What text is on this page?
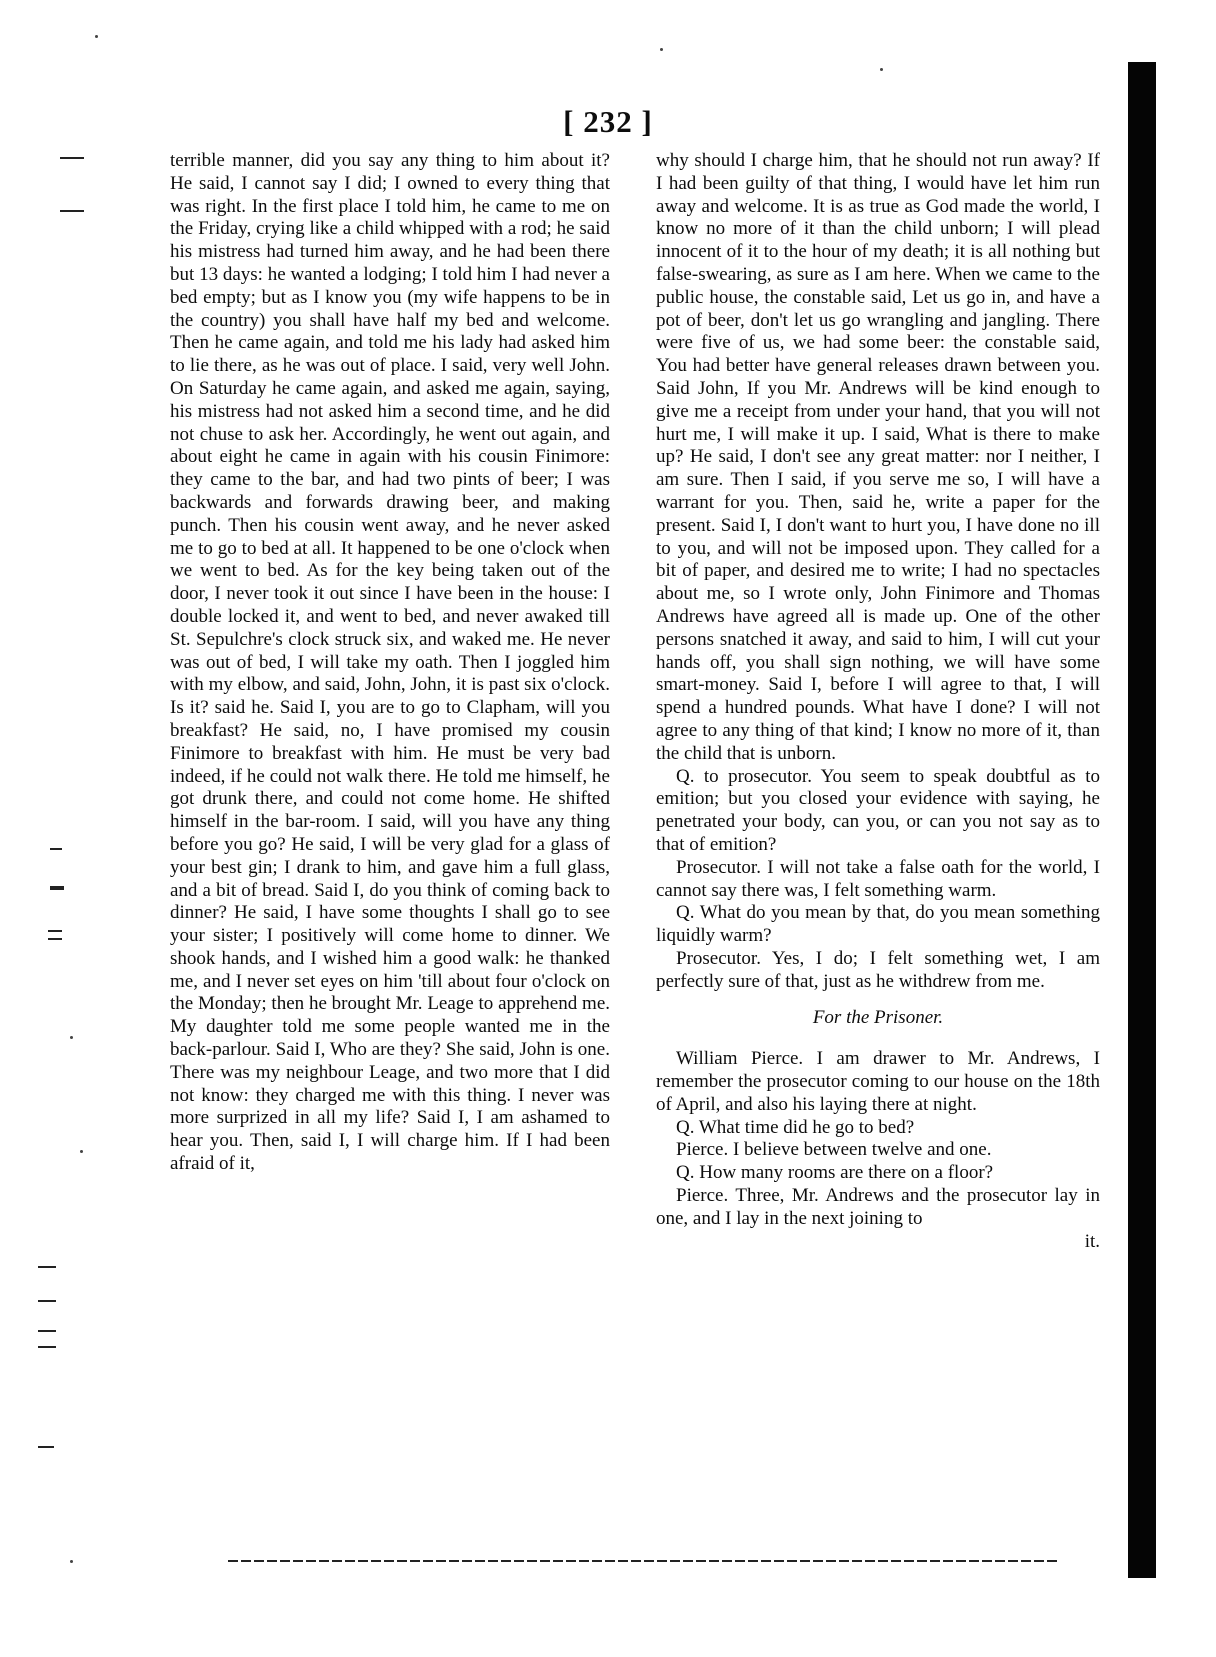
[ 232 ]

terrible manner, did you say any thing to him about it? He said, I cannot say I did; I owned to every thing that was right. In the first place I told him, he came to me on the Friday, crying like a child whipped with a rod; he said his mistress had turned him away, and he had been there but 13 days: he wanted a lodging; I told him I had never a bed empty; but as I know you (my wife happens to be in the country) you shall have half my bed and welcome. Then he came again, and told me his lady had asked him to lie there, as he was out of place. I said, very well John. On Saturday he came again, and asked me again, saying, his mistress had not asked him a second time, and he did not chuse to ask her. Accordingly, he went out again, and about eight he came in again with his cousin Finimore: they came to the bar, and had two pints of beer; I was backwards and forwards drawing beer, and making punch. Then his cousin went away, and he never asked me to go to bed at all. It happened to be one o'clock when we went to bed. As for the key being taken out of the door, I never took it out since I have been in the house: I double locked it, and went to bed, and never awaked till St. Sepulchre's clock struck six, and waked me. He never was out of bed, I will take my oath. Then I joggled him with my elbow, and said, John, John, it is past six o'clock. Is it? said he. Said I, you are to go to Clapham, will you breakfast? He said, no, I have promised my cousin Finimore to breakfast with him. He must be very bad indeed, if he could not walk there. He told me himself, he got drunk there, and could not come home. He shifted himself in the bar-room. I said, will you have any thing before you go? He said, I will be very glad for a glass of your best gin; I drank to him, and gave him a full glass, and a bit of bread. Said I, do you think of coming back to dinner? He said, I have some thoughts I shall go to see your sister; I positively will come home to dinner. We shook hands, and I wished him a good walk: he thanked me, and I never set eyes on him 'till about four o'clock on the Monday; then he brought Mr. Leage to apprehend me. My daughter told me some people wanted me in the back-parlour. Said I, Who are they? She said, John is one. There was my neighbour Leage, and two more that I did not know: they charged me with this thing. I never was more surprized in all my life? Said I, I am ashamed to hear you. Then, said I, I will charge him. If I had been afraid of it,

why should I charge him, that he should not run away? If I had been guilty of that thing, I would have let him run away and welcome. It is as true as God made the world, I know no more of it than the child unborn; I will plead innocent of it to the hour of my death; it is all nothing but false-swearing, as sure as I am here. When we came to the public house, the constable said, Let us go in, and have a pot of beer, don't let us go wrangling and jangling. There were five of us, we had some beer: the constable said, You had better have general releases drawn between you. Said John, If you Mr. Andrews will be kind enough to give me a receipt from under your hand, that you will not hurt me, I will make it up. I said, What is there to make up? He said, I don't see any great matter: nor I neither, I am sure. Then I said, if you serve me so, I will have a warrant for you. Then, said he, write a paper for the present. Said I, I don't want to hurt you, I have done no ill to you, and will not be imposed upon. They called for a bit of paper, and desired me to write; I had no spectacles about me, so I wrote only, John Finimore and Thomas Andrews have agreed all is made up. One of the other persons snatched it away, and said to him, I will cut your hands off, you shall sign nothing, we will have some smart-money. Said I, before I will agree to that, I will spend a hundred pounds. What have I done? I will not agree to any thing of that kind; I know no more of it, than the child that is unborn.

Q. to prosecutor. You seem to speak doubtful as to emition; but you closed your evidence with saying, he penetrated your body, can you, or can you not say as to that of emition?

Prosecutor. I will not take a false oath for the world, I cannot say there was, I felt something warm.

Q. What do you mean by that, do you mean something liquidly warm?

Prosecutor. Yes, I do; I felt something wet, I am perfectly sure of that, just as he withdrew from me.

For the Prisoner.

William Pierce. I am drawer to Mr. Andrews, I remember the prosecutor coming to our house on the 18th of April, and also his laying there at night.

Q. What time did he go to bed?

Pierce. I believe between twelve and one.

Q. How many rooms are there on a floor?

Pierce. Three, Mr. Andrews and the prosecutor lay in one, and I lay in the next joining to

it.
